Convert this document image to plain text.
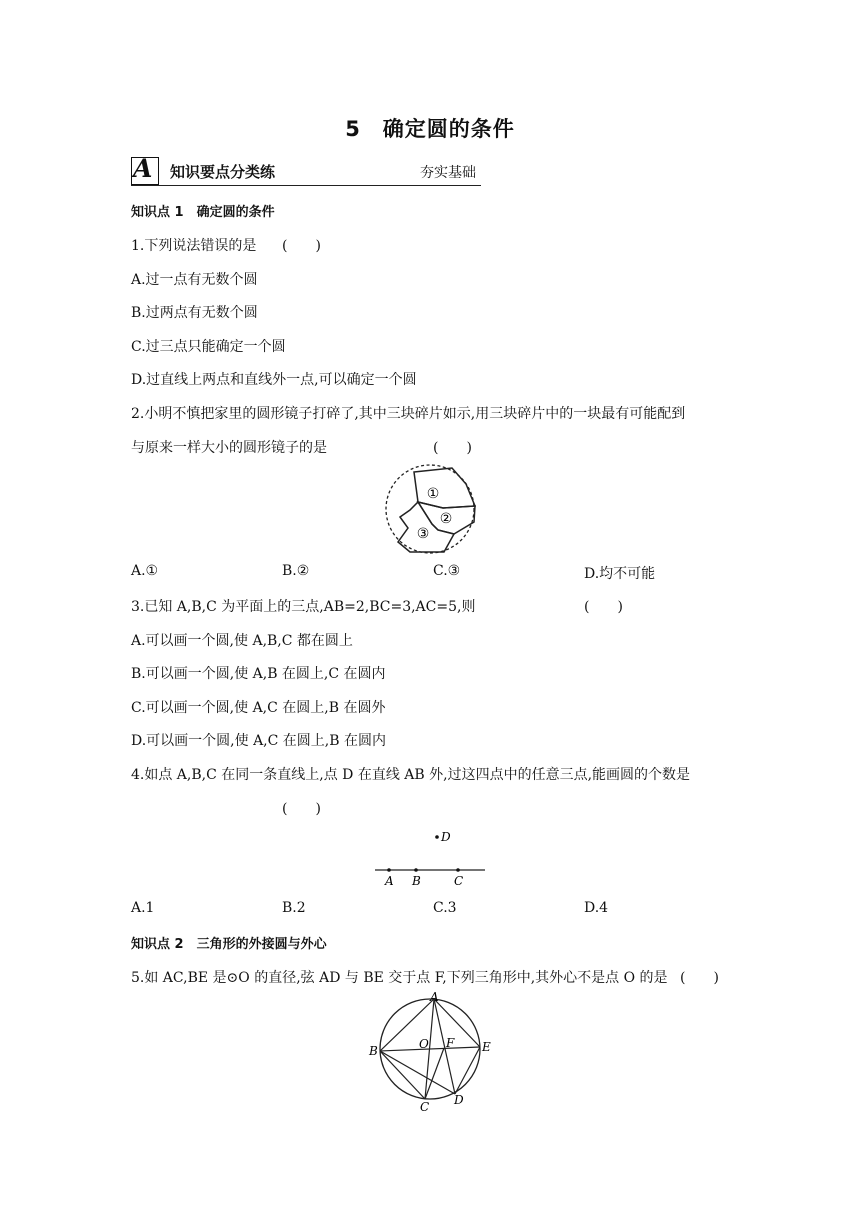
5　确定圆的条件
A 知识要点分类练	夯实基础
知识点 1　确定圆的条件
1.下列说法错误的是 (　　)
A.过一点有无数个圆
B.过两点有无数个圆
C.过三点只能确定一个圆
D.过直线上两点和直线外一点,可以确定一个圆
2.小明不慎把家里的圆形镜子打碎了,其中三块碎片如示,用三块碎片中的一块最有可能配到
与原来一样大小的圆形镜子的是	(　　)
①
②
③
A.①	B.②	C.③	D.均不可能
3.已知 A,B,C 为平面上的三点,AB=2,BC=3,AC=5,则	(　　)
A.可以画一个圆,使 A,B,C 都在圆上
B.可以画一个圆,使 A,B 在圆上,C 在圆内
C.可以画一个圆,使 A,C 在圆上,B 在圆外
D.可以画一个圆,使 A,C 在圆上,B 在圆内
4.如点 A,B,C 在同一条直线上,点 D 在直线 AB 外,过这四点中的任意三点,能画圆的个数是
(　　)
D
A B	C
A.1	B.2	C.3	D.4
知识点 2　三角形的外接圆与外心
5.如 AC,BE 是⊙O 的直径,弦 AD 与 BE 交于点 F,下列三角形中,其外心不是点 O 的是 (　　)
A
B	O F E
C D
